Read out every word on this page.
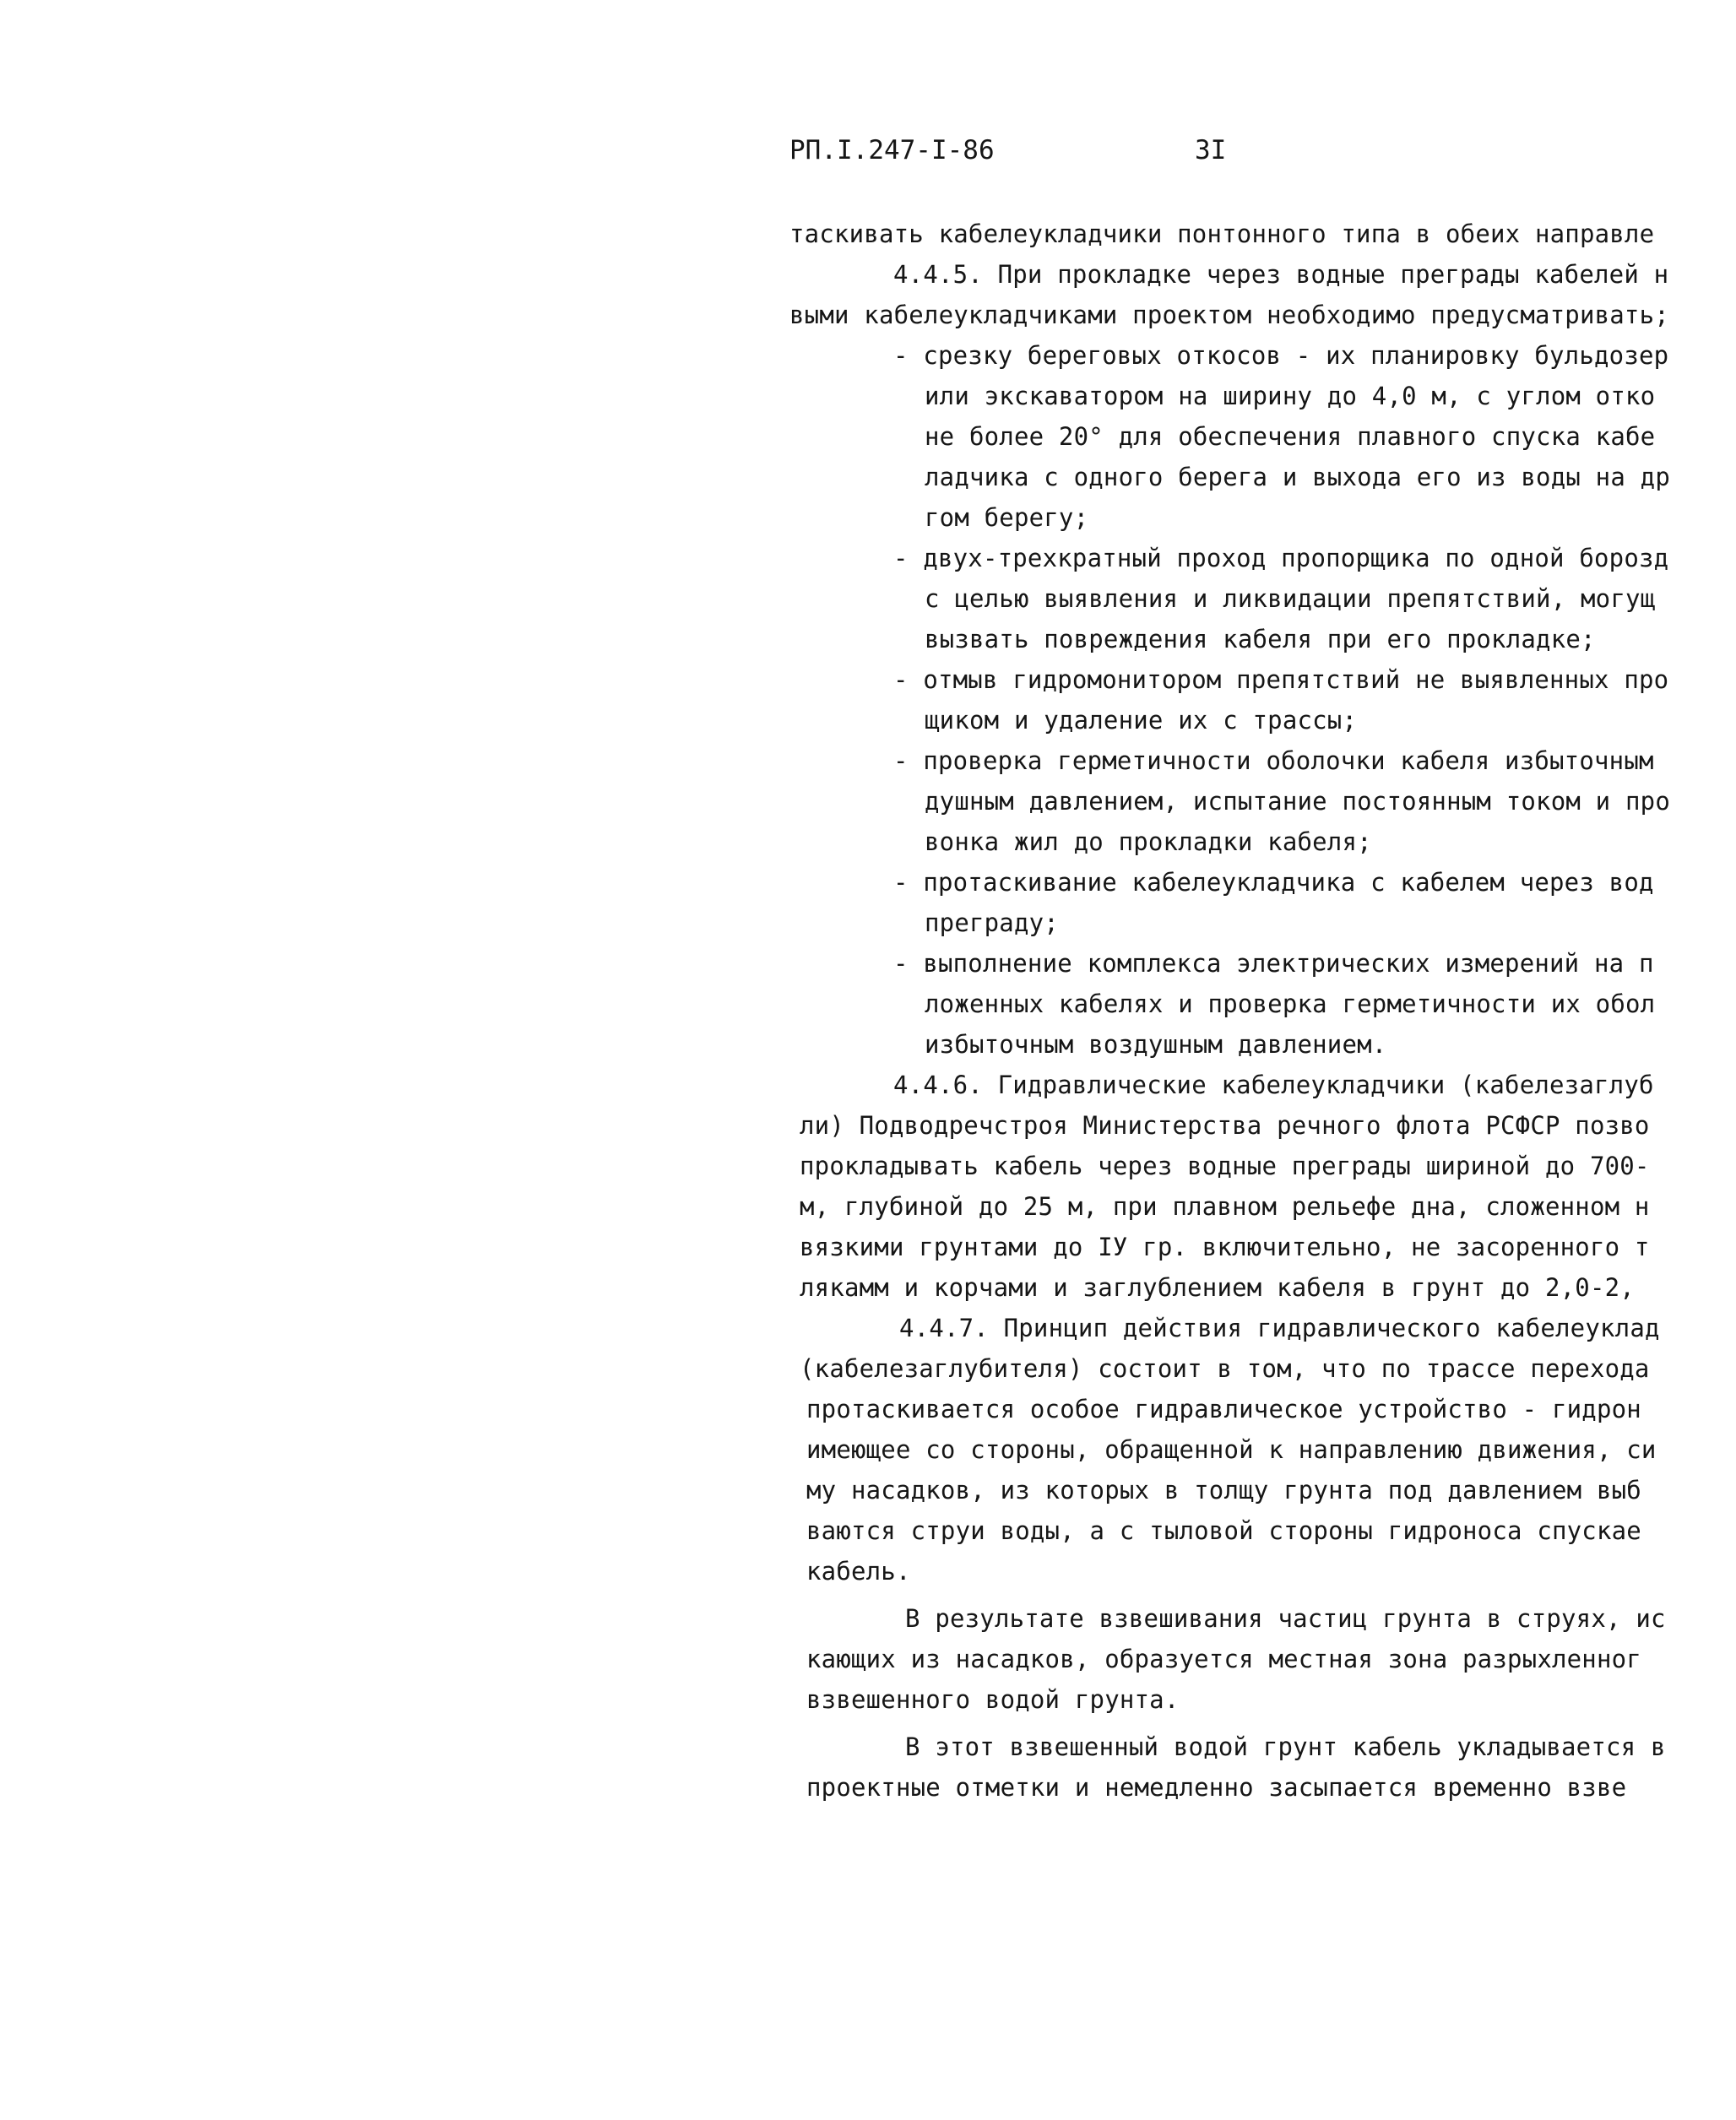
РП.I.247-I-86	3I
тaскивать кабелеукладчики понтонного типа в обеих направле
4.4.5. При прокладке через водные преграды кабелей н
выми кабелеукладчиками проектом необходимо предусматривать;
- срезку береговых откосов - их планировку бульдозер
или экскаватором на ширину до 4,0 м, с углом отко
не более 20° для обеспечения плавного спуска кабе
ладчика с одного берега и выхода его из воды на др
гом берегу;
- двух-трехкратный проход пропорщика по одной борозд
с целью выявления и ликвидации препятствий, могущ
вызвать повреждения кабеля при его прокладке;
- отмыв гидромонитором препятствий не выявленных про
щиком и удаление их с трассы;
- проверка герметичности оболочки кабеля избыточным
душным давлением, испытание постоянным током и про
вонка жил до прокладки кабеля;
- протаскивание кабелеукладчика с кабелем через вод
преграду;
- выполнение комплекса электрических измерений на п
ложенных кабелях и проверка герметичности их обол
избыточным воздушным давлением.
4.4.6. Гидравлические кабелеукладчики (кабелезаглуб
ли) Подводречстроя Министерства речного флота РСФСР позво
прокладывать кабель через водные преграды шириной до 700-
м, глубиной до 25 м, при плавном рельефе дна, сложенном н
вязкими грунтами до IУ гр. включительно, не засоренного т
лякамм и корчами и заглублением кабеля в грунт до 2,0-2,
4.4.7. Принцип действия гидравлического кабелеуклад
(кабелезаглубителя) состоит в том, что по трассе перехода
протаскивается особое гидравлическое устройство - гидрон
имеющее со стороны, обращенной к направлению движения, си
му насадков, из которых в толщу грунта под давлением выб
ваются струи воды, а с тыловой стороны гидроноса спускае
кабель.
В результате взвешивания частиц грунта в струях, ис
кающих из насадков, образуется местная зона разрыхленног
взвешенного водой грунта.
В этот взвешенный водой грунт кабель укладывается в
проектные отметки и немедленно засыпается временно взве
